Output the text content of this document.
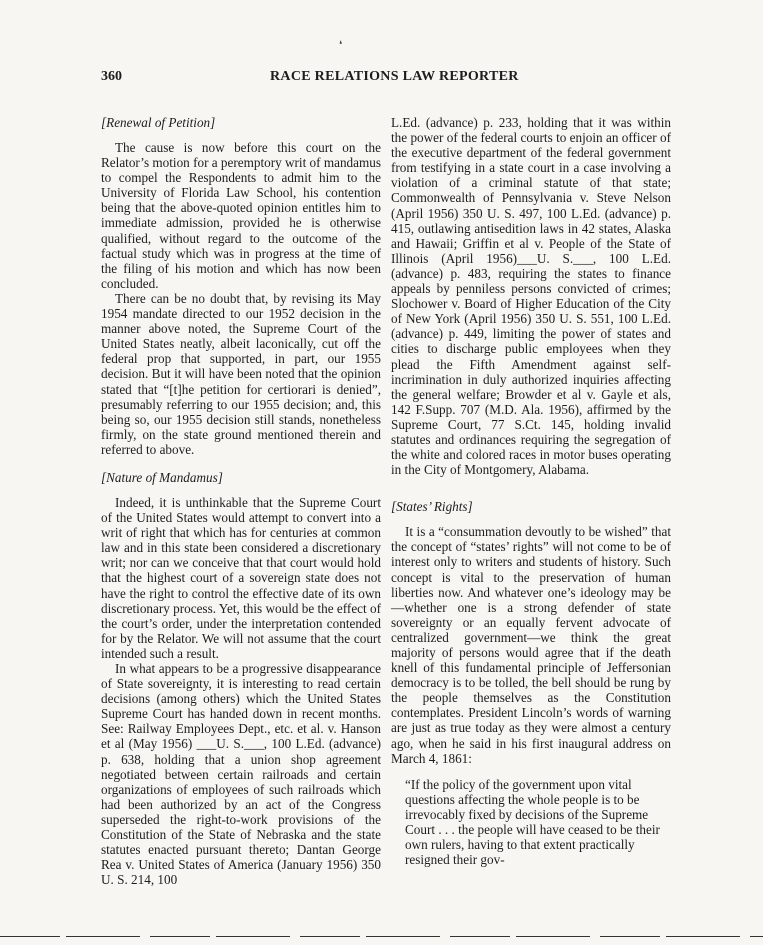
❛
360	RACE RELATIONS LAW REPORTER
[Renewal of Petition]

The cause is now before this court on the Relator’s motion for a peremptory writ of mandamus to compel the Respondents to admit him to the University of Florida Law School, his contention being that the above-quoted opinion entitles him to immediate admission, provided he is otherwise qualified, without regard to the outcome of the factual study which was in progress at the time of the filing of his motion and which has now been concluded.

There can be no doubt that, by revising its May 1954 mandate directed to our 1952 decision in the manner above noted, the Supreme Court of the United States neatly, albeit laconically, cut off the federal prop that supported, in part, our 1955 decision. But it will have been noted that the opinion stated that “[t]he petition for certiorari is denied”, presumably referring to our 1955 decision; and, this being so, our 1955 decision still stands, nonetheless firmly, on the state ground mentioned therein and referred to above.

[Nature of Mandamus]

Indeed, it is unthinkable that the Supreme Court of the United States would attempt to convert into a writ of right that which has for centuries at common law and in this state been considered a discretionary writ; nor can we conceive that that court would hold that the highest court of a sovereign state does not have the right to control the effective date of its own discretionary process. Yet, this would be the effect of the court’s order, under the interpretation contended for by the Relator. We will not assume that the court intended such a result.

In what appears to be a progressive disappearance of State sovereignty, it is interesting to read certain decisions (among others) which the United States Supreme Court has handed down in recent months. See: Railway Employees Dept., etc. et al. v. Hanson et al (May 1956) ___U. S.___, 100 L.Ed. (advance) p. 638, holding that a union shop agreement negotiated between certain railroads and certain organizations of employees of such railroads which had been authorized by an act of the Congress superseded the right-to-work provisions of the Constitution of the State of Nebraska and the state statutes enacted pursuant thereto; Dantan George Rea v. United States of America (January 1956) 350 U. S. 214, 100

L.Ed. (advance) p. 233, holding that it was within the power of the federal courts to enjoin an officer of the executive department of the federal government from testifying in a state court in a case involving a violation of a criminal statute of that state; Commonwealth of Pennsylvania v. Steve Nelson (April 1956) 350 U. S. 497, 100 L.Ed. (advance) p. 415, outlawing antisedition laws in 42 states, Alaska and Hawaii; Griffin et al v. People of the State of Illinois (April 1956)___U. S.___, 100 L.Ed. (advance) p. 483, requiring the states to finance appeals by penniless persons convicted of crimes; Slochower v. Board of Higher Education of the City of New York (April 1956) 350 U. S. 551, 100 L.Ed. (advance) p. 449, limiting the power of states and cities to discharge public employees when they plead the Fifth Amendment against self-incrimination in duly authorized inquiries affecting the general welfare; Browder et al v. Gayle et als, 142 F.Supp. 707 (M.D. Ala. 1956), affirmed by the Supreme Court, 77 S.Ct. 145, holding invalid statutes and ordinances requiring the segregation of the white and colored races in motor buses operating in the City of Montgomery, Alabama.

[States’ Rights]

It is a “consummation devoutly to be wished” that the concept of “states’ rights” will not come to be of interest only to writers and students of history. Such concept is vital to the preservation of human liberties now. And whatever one’s ideology may be—whether one is a strong defender of state sovereignty or an equally fervent advocate of centralized government—we think the great majority of persons would agree that if the death knell of this fundamental principle of Jeffersonian democracy is to be tolled, the bell should be rung by the people themselves as the Constitution contemplates. President Lincoln’s words of warning are just as true today as they were almost a century ago, when he said in his first inaugural address on March 4, 1861:

“If the policy of the government upon vital questions affecting the whole people is to be irrevocably fixed by decisions of the Supreme Court . . . the people will have ceased to be their own rulers, having to that extent practically resigned their gov-
